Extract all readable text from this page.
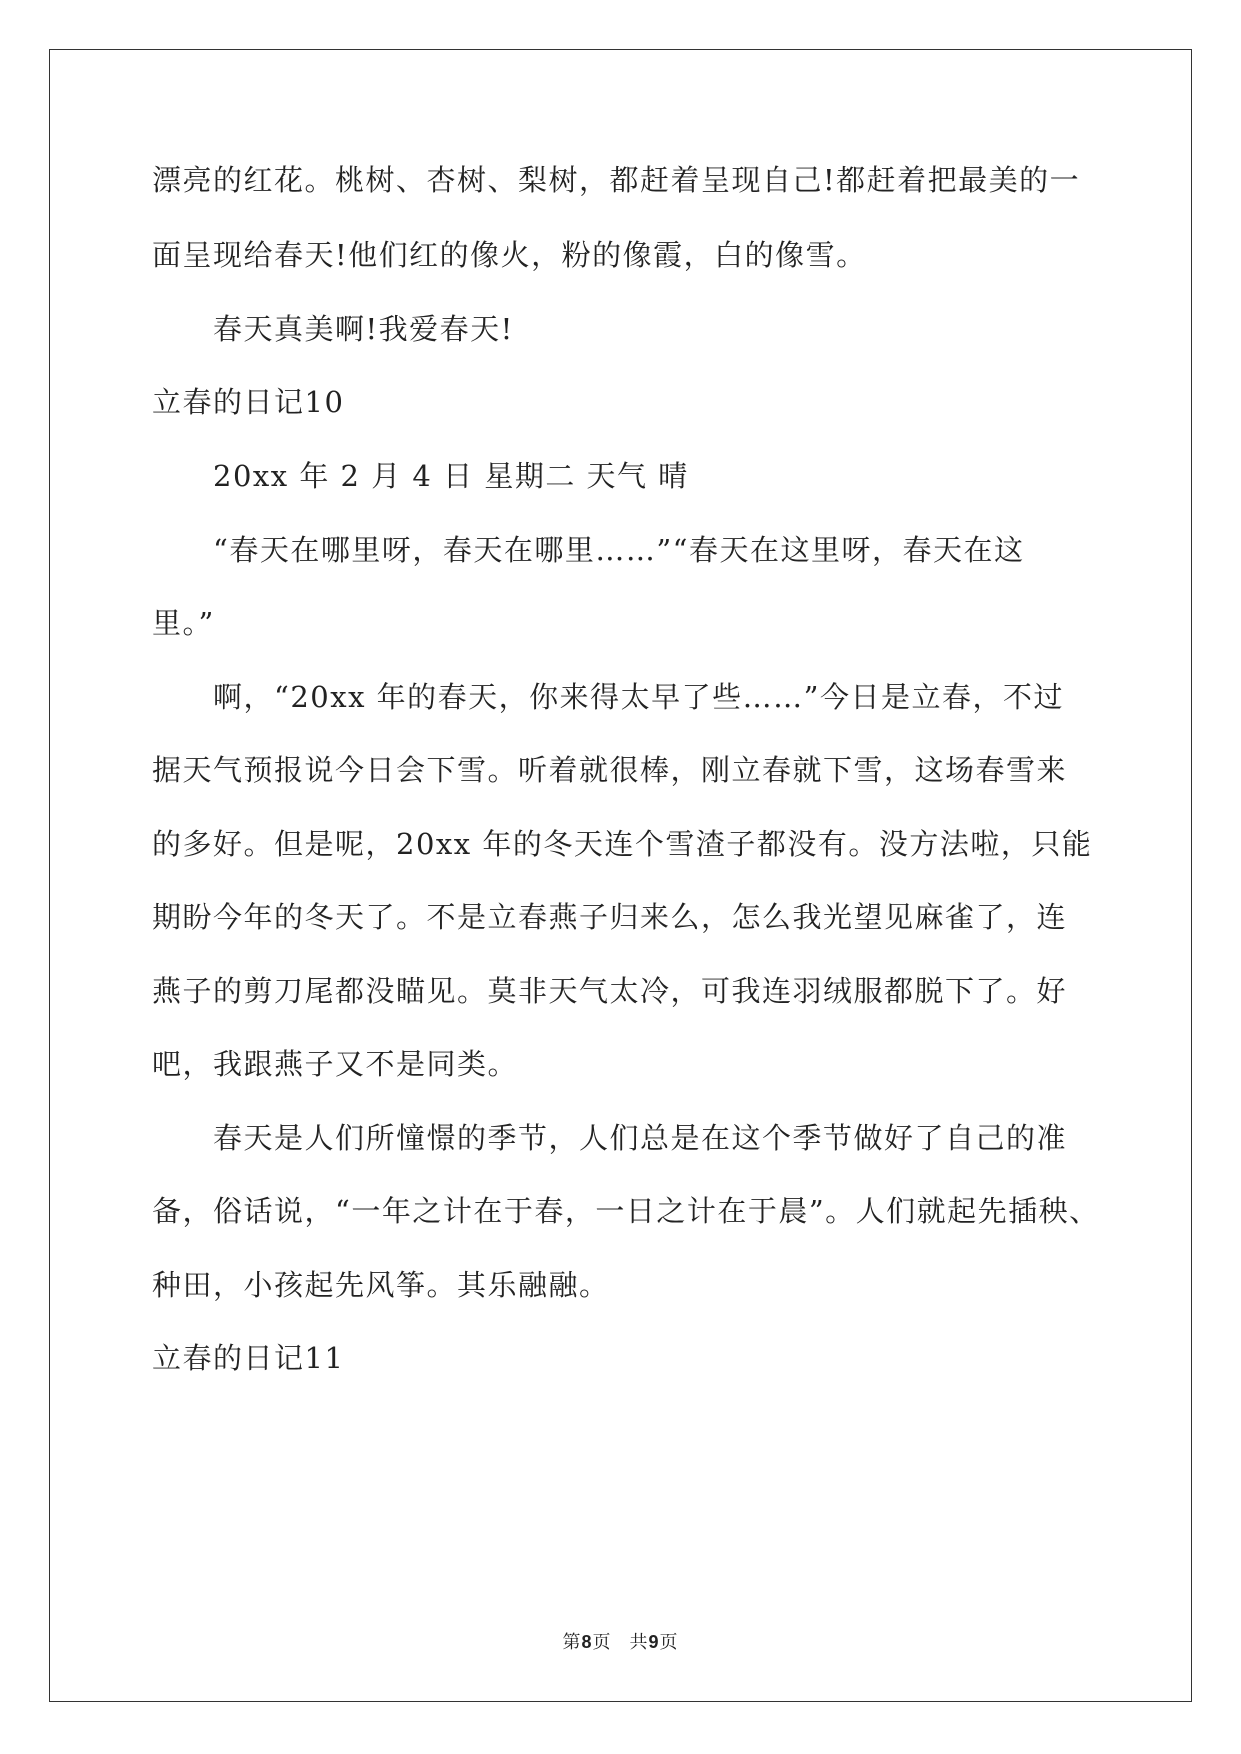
漂亮的红花。桃树、杏树、梨树，都赶着呈现自己!都赶着把最美的一
面呈现给春天!他们红的像火，粉的像霞，白的像雪。
春天真美啊!我爱春天!
立春的日记10
20xx 年 2 月 4 日 星期二 天气 晴
“春天在哪里呀，春天在哪里……”“春天在这里呀，春天在这
里。”
啊，“20xx 年的春天，你来得太早了些……”今日是立春，不过
据天气预报说今日会下雪。听着就很棒，刚立春就下雪，这场春雪来
的多好。但是呢，20xx 年的冬天连个雪渣子都没有。没方法啦，只能
期盼今年的冬天了。不是立春燕子归来么，怎么我光望见麻雀了，连
燕子的剪刀尾都没瞄见。莫非天气太冷，可我连羽绒服都脱下了。好
吧，我跟燕子又不是同类。
春天是人们所憧憬的季节，人们总是在这个季节做好了自己的准
备，俗话说，“一年之计在于春，一日之计在于晨”。人们就起先插秧、
种田，小孩起先风筝。其乐融融。
立春的日记11
第8页 共9页
